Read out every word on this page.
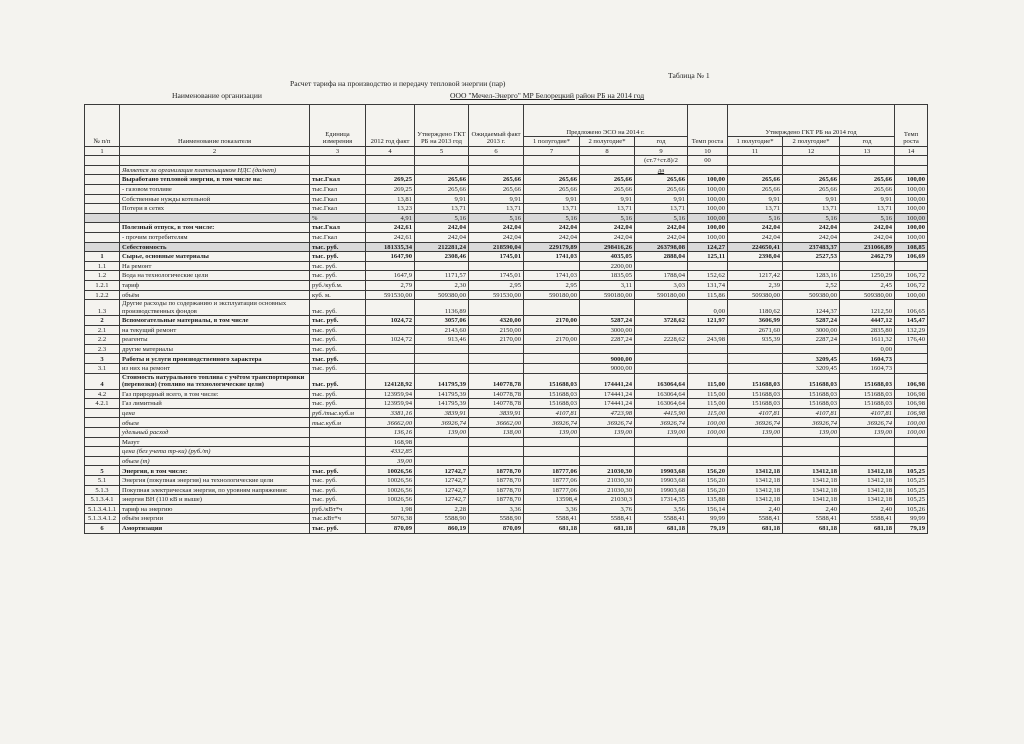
Таблица № 1
Расчет тарифа на производство и передачу тепловой энергии (пар)
Наименование организации	ООО "Мечел-Энерго" МР Белорецкий район РБ на 2014 год
№ п/п	Наименование показателя	Единица измерения	2012 год факт	Утверждено ГКТ РБ на 2013 год	Ожидаемый факт 2013 г.	Предложено ЭСО на 2014 г.			Темп роста	Утверждено ГКТ РБ на 2014 год			Темп роста
						1 полугодие*	2 полугодие*	год		1 полугодие*	2 полугодие*	год	
1	2	3	4	5	6	7	8	9	10	11	12	13	14
								(ст.7+ст.8)/2	00				
	Является ли организация плательщиком НДС (да/нет)							да					
	Выработано тепловой энергии, в том числе на:	тыс.Гкал	269,25	265,66	265,66	265,66	265,66	265,66	100,00	265,66	265,66	265,66	100,00
	- газовом топливе	тыс.Гкал	269,25	265,66	265,66	265,66	265,66	265,66	100,00	265,66	265,66	265,66	100,00
	Собственные нужды котельной	тыс.Гкал	13,81	9,91	9,91	9,91	9,91	9,91	100,00	9,91	9,91	9,91	100,00
	Потери в сетях	тыс.Гкал	13,23	13,71	13,71	13,71	13,71	13,71	100,00	13,71	13,71	13,71	100,00
		%	4,91	5,16	5,16	5,16	5,16	5,16	100,00	5,16	5,16	5,16	100,00
	Полезный отпуск, в том числе:	тыс.Гкал	242,61	242,04	242,04	242,04	242,04	242,04	100,00	242,04	242,04	242,04	100,00
	- прочим потребителям	тыс.Гкал	242,61	242,04	242,04	242,04	242,04	242,04	100,00	242,04	242,04	242,04	100,00
	Себестоимость	тыс. руб.	181335,34	212281,24	218590,04	229179,89	298416,26	263798,08	124,27	224650,41	237483,37	231066,89	108,85
1	Сырье, основные материалы	тыс. руб.	1647,90	2308,46	1745,01	1741,03	4035,05	2888,04	125,11	2398,04	2527,53	2462,79	106,69
1.1	На ремонт	тыс. руб.					2200,00						
1.2	Вода на технологические цели	тыс. руб.	1647,9	1171,57	1745,01	1741,03	1835,05	1788,04	152,62	1217,42	1283,16	1250,29	106,72
1.2.1	тариф	руб./куб.м.	2,79	2,30	2,95	2,95	3,11	3,03	131,74	2,39	2,52	2,45	106,72
1.2.2	объём	куб. м.	591530,00	509380,00	591530,00	590180,00	590180,00	590180,00	115,86	509380,00	509380,00	509380,00	100,00
1.3	Другие расходы по содержанию и эксплуатации основных производственных фондов	тыс. руб.		1136,89					0,00	1180,62	1244,37	1212,50	106,65
2	Вспомогательные материалы, в том числе	тыс. руб.	1024,72	3057,06	4320,00	2170,00	5287,24	3728,62	121,97	3606,99	5287,24	4447,12	145,47
2.1	на текущий ремонт	тыс. руб.		2143,60	2150,00		3000,00			2671,60	3000,00	2835,80	132,29
2.2	реагенты	тыс. руб.	1024,72	913,46	2170,00	2170,00	2287,24	2228,62	243,98	935,39	2287,24	1611,32	176,40
2.3	другие материалы	тыс. руб.										0,00	
3	Работы и услуги производственного характера	тыс. руб.					9000,00				3209,45	1604,73	
3.1	из них на ремонт	тыс. руб.					9000,00				3209,45	1604,73	
4	Стоимость натурального топлива с учётом транспортировки (перевозки) (топливо на технологические цели)	тыс. руб.	124128,92	141795,39	140778,78	151688,03	174441,24	163064,64	115,00	151688,03	151688,03	151688,03	106,98
4.2	Газ природный всего, в том числе:	тыс. руб.	123959,94	141795,39	140778,78	151688,03	174441,24	163064,64	115,00	151688,03	151688,03	151688,03	106,98
4.2.1	Газ лимитный	тыс. руб.	123959,94	141795,39	140778,78	151688,03	174441,24	163064,64	115,00	151688,03	151688,03	151688,03	106,98
	цена	руб./тыс.куб.м	3381,16	3839,91	3839,91	4107,81	4723,98	4415,90	115,00	4107,81	4107,81	4107,81	106,98
	объем	тыс.куб.м	36662,00	36926,74	36662,00	36926,74	36926,74	36926,74	100,00	36926,74	36926,74	36926,74	100,00
	удельный расход		136,16	139,00	138,00	139,00	139,00	139,00	100,00	139,00	139,00	139,00	100,00
	Мазут		168,98										
	цена (без учета тр-ки) (руб./т)		4332,85										
	объем (т)		39,00										
5	Энергия, в том числе:	тыс. руб.	10026,56	12742,7	18778,70	18777,06	21030,30	19903,68	156,20	13412,18	13412,18	13412,18	105,25
5.1	Энергия (покупная энергия) на технологические цели	тыс. руб.	10026,56	12742,7	18778,70	18777,06	21030,30	19903,68	156,20	13412,18	13412,18	13412,18	105,25
5.1.3	Покупная электрическая энергия, по уровням напряжения:	тыс. руб.	10026,56	12742,7	18778,70	18777,06	21030,30	19903,68	156,20	13412,18	13412,18	13412,18	105,25
5.1.3.4.1	энергия ВН (110 кВ и выше)	тыс. руб.	10026,56	12742,7	18778,70	13598,4	21030,3	17314,35	135,88	13412,18	13412,18	13412,18	105,25
5.1.3.4.1.1	тариф на энергию	руб./кВт*ч	1,98	2,28	3,36	3,36	3,76	3,56	156,14	2,40	2,40	2,40	105,26
5.1.3.4.1.2	объём энергии	тыс.кВт*ч	5076,38	5588,90	5588,90	5588,41	5588,41	5588,41	99,99	5588,41	5588,41	5588,41	99,99
6	Амортизация	тыс. руб.	870,09	860,19	870,09	681,18	681,18	681,18	79,19	681,18	681,18	681,18	79,19
